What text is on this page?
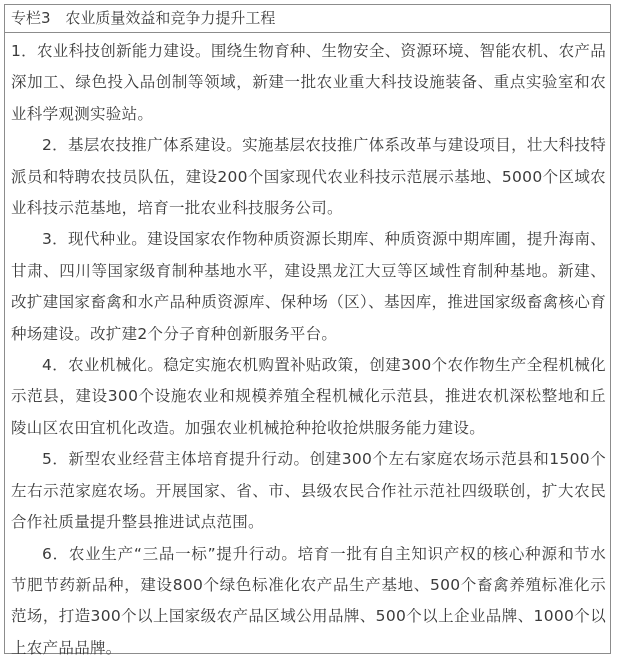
专栏3 农业质量效益和竞争力提升工程

1．农业科技创新能力建设。围绕生物育种、生物安全、资源环境、智能农机、农产品深加工、绿色投入品创制等领域，新建一批农业重大科技设施装备、重点实验室和农业科学观测实验站。

2．基层农技推广体系建设。实施基层农技推广体系改革与建设项目，壮大科技特派员和特聘农技员队伍，建设200个国家现代农业科技示范展示基地、5000个区域农业科技示范基地，培育一批农业科技服务公司。

3．现代种业。建设国家农作物种质资源长期库、种质资源中期库圃，提升海南、甘肃、四川等国家级育制种基地水平，建设黑龙江大豆等区域性育制种基地。新建、改扩建国家畜禽和水产品种质资源库、保种场（区）、基因库，推进国家级畜禽核心育种场建设。改扩建2个分子育种创新服务平台。

4．农业机械化。稳定实施农机购置补贴政策，创建300个农作物生产全程机械化示范县，建设300个设施农业和规模养殖全程机械化示范县，推进农机深松整地和丘陵山区农田宜机化改造。加强农业机械抢种抢收抢烘服务能力建设。

5．新型农业经营主体培育提升行动。创建300个左右家庭农场示范县和1500个左右示范家庭农场。开展国家、省、市、县级农民合作社示范社四级联创，扩大农民合作社质量提升整县推进试点范围。

6．农业生产“三品一标”提升行动。培育一批有自主知识产权的核心种源和节水节肥节药新品种，建设800个绿色标准化农产品生产基地、500个畜禽养殖标准化示范场，打造300个以上国家级农产品区域公用品牌、500个以上企业品牌、1000个以上农产品品牌。
